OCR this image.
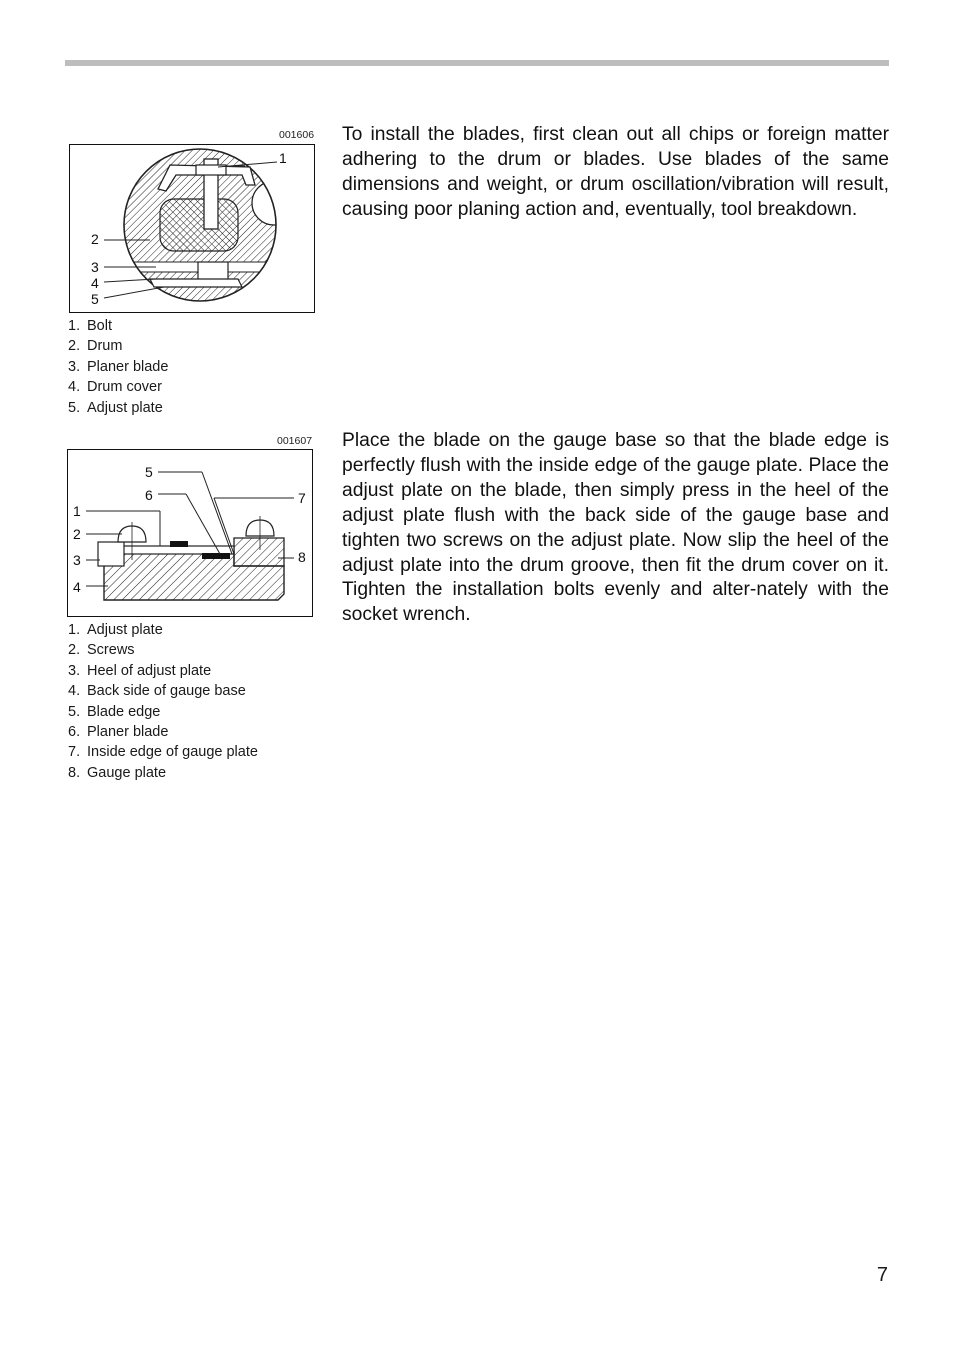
001606
1
2
3
4
5
1. Bolt
2. Drum
3. Planer blade
4. Drum cover
5. Adjust plate

To install the blades, first clean out all chips or foreign matter adhering to the drum or blades. Use blades of the same dimensions and weight, or drum oscillation/vibration will result, causing poor planing action and, eventually, tool breakdown.

001607
5
6
1
7
2
3	8
4
1. Adjust plate
2. Screws
3. Heel of adjust plate
4. Back side of gauge base
5. Blade edge
6. Planer blade
7. Inside edge of gauge plate
8. Gauge plate

Place the blade on the gauge base so that the blade edge is perfectly flush with the inside edge of the gauge plate. Place the adjust plate on the blade, then simply press in the heel of the adjust plate flush with the back side of the gauge base and tighten two screws on the adjust plate. Now slip the heel of the adjust plate into the drum groove, then fit the drum cover on it. Tighten the installation bolts evenly and alter-nately with the socket wrench.

7
